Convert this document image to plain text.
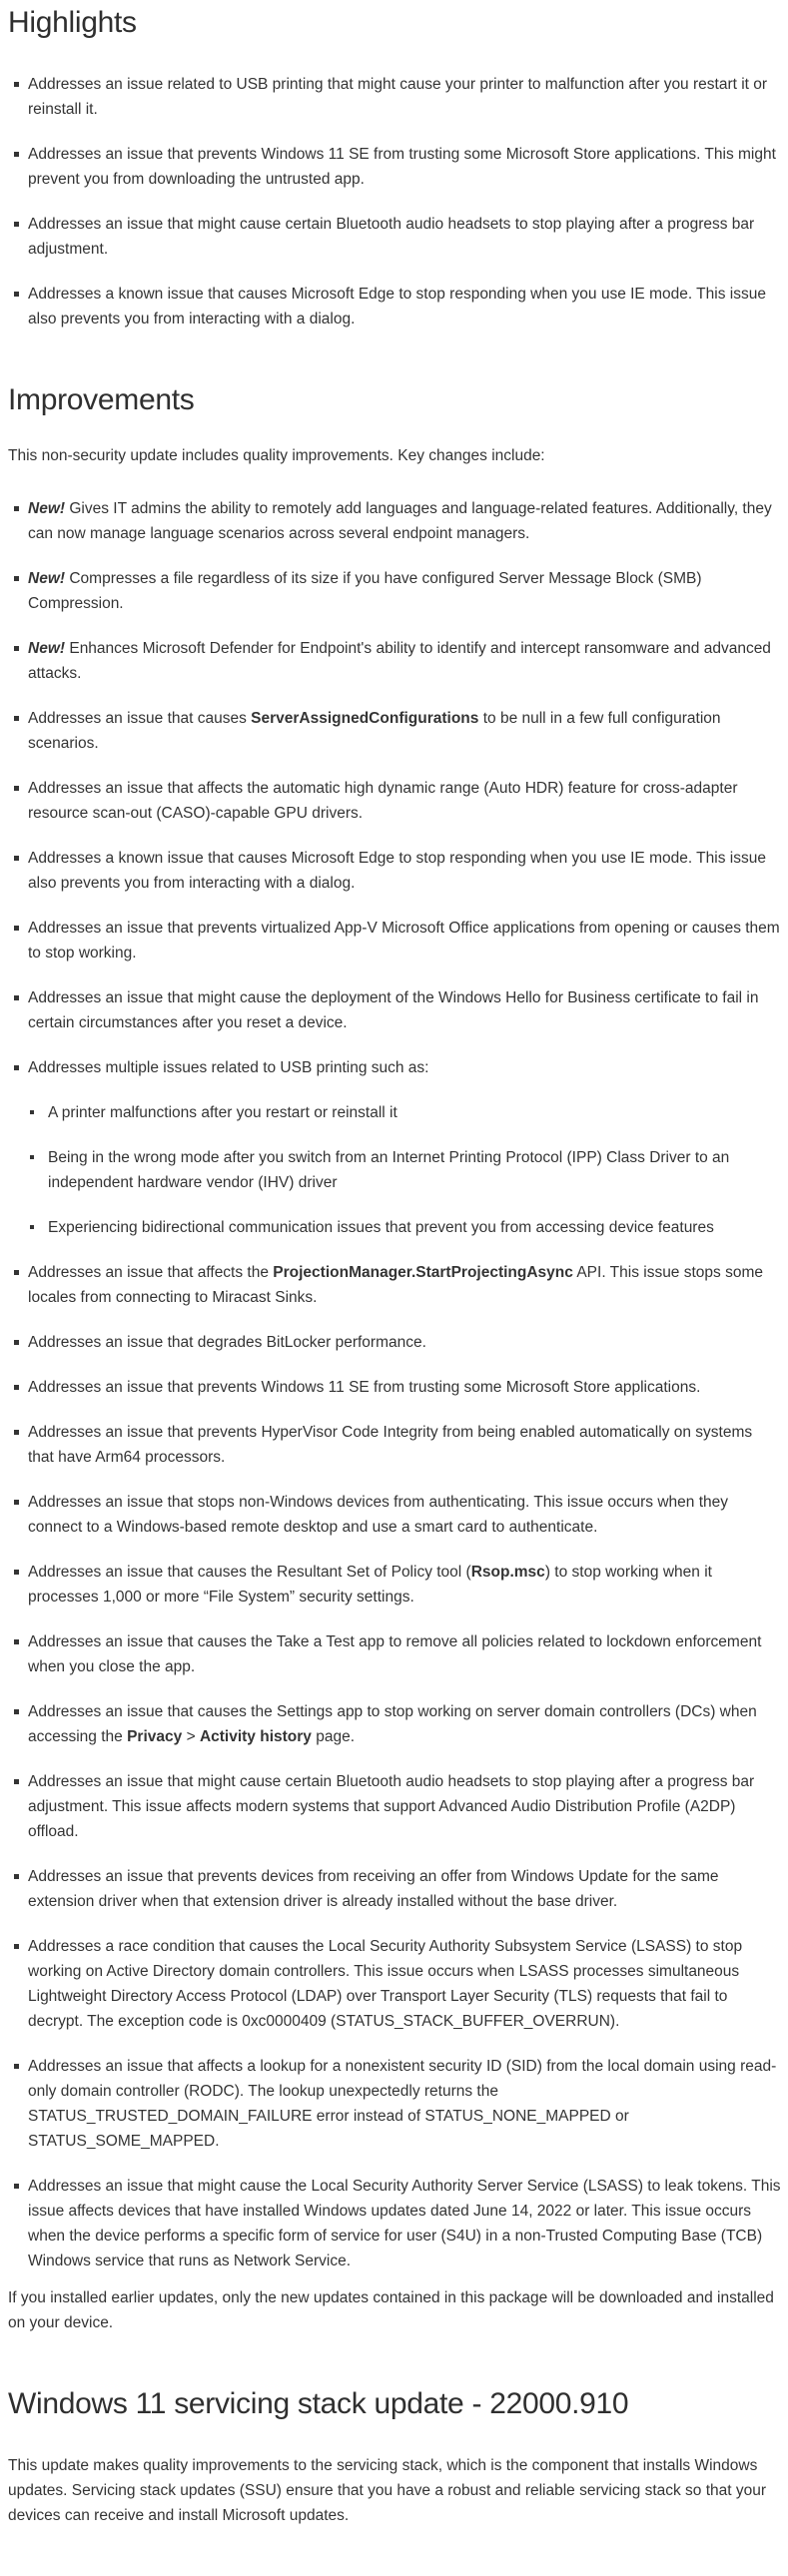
Highlights
Addresses an issue related to USB printing that might cause your printer to malfunction after you restart it or reinstall it.
Addresses an issue that prevents Windows 11 SE from trusting some Microsoft Store applications. This might prevent you from downloading the untrusted app.
Addresses an issue that might cause certain Bluetooth audio headsets to stop playing after a progress bar adjustment.
Addresses a known issue that causes Microsoft Edge to stop responding when you use IE mode. This issue also prevents you from interacting with a dialog.
Improvements

This non-security update includes quality improvements. Key changes include:

New! Gives IT admins the ability to remotely add languages and language-related features. Additionally, they can now manage language scenarios across several endpoint managers.
New! Compresses a file regardless of its size if you have configured Server Message Block (SMB) Compression.
New! Enhances Microsoft Defender for Endpoint's ability to identify and intercept ransomware and advanced attacks.
Addresses an issue that causes ServerAssignedConfigurations to be null in a few full configuration scenarios.
Addresses an issue that affects the automatic high dynamic range (Auto HDR) feature for cross-adapter resource scan-out (CASO)-capable GPU drivers.
Addresses a known issue that causes Microsoft Edge to stop responding when you use IE mode. This issue also prevents you from interacting with a dialog.
Addresses an issue that prevents virtualized App-V Microsoft Office applications from opening or causes them to stop working.
Addresses an issue that might cause the deployment of the Windows Hello for Business certificate to fail in certain circumstances after you reset a device.
Addresses multiple issues related to USB printing such as:
A printer malfunctions after you restart or reinstall it
Being in the wrong mode after you switch from an Internet Printing Protocol (IPP) Class Driver to an independent hardware vendor (IHV) driver
Experiencing bidirectional communication issues that prevent you from accessing device features
Addresses an issue that affects the ProjectionManager.StartProjectingAsync API. This issue stops some locales from connecting to Miracast Sinks.
Addresses an issue that degrades BitLocker performance.
Addresses an issue that prevents Windows 11 SE from trusting some Microsoft Store applications.
Addresses an issue that prevents HyperVisor Code Integrity from being enabled automatically on systems that have Arm64 processors.
Addresses an issue that stops non-Windows devices from authenticating. This issue occurs when they connect to a Windows-based remote desktop and use a smart card to authenticate.
Addresses an issue that causes the Resultant Set of Policy tool (Rsop.msc) to stop working when it processes 1,000 or more “File System” security settings.
Addresses an issue that causes the Take a Test app to remove all policies related to lockdown enforcement when you close the app.
Addresses an issue that causes the Settings app to stop working on server domain controllers (DCs) when accessing the Privacy > Activity history page.
Addresses an issue that might cause certain Bluetooth audio headsets to stop playing after a progress bar adjustment. This issue affects modern systems that support Advanced Audio Distribution Profile (A2DP) offload.
Addresses an issue that prevents devices from receiving an offer from Windows Update for the same extension driver when that extension driver is already installed without the base driver.
Addresses a race condition that causes the Local Security Authority Subsystem Service (LSASS) to stop working on Active Directory domain controllers. This issue occurs when LSASS processes simultaneous Lightweight Directory Access Protocol (LDAP) over Transport Layer Security (TLS) requests that fail to decrypt. The exception code is 0xc0000409 (STATUS_STACK_BUFFER_OVERRUN).
Addresses an issue that affects a lookup for a nonexistent security ID (SID) from the local domain using read-only domain controller (RODC). The lookup unexpectedly returns the STATUS_TRUSTED_DOMAIN_FAILURE error instead of STATUS_NONE_MAPPED or STATUS_SOME_MAPPED.
Addresses an issue that might cause the Local Security Authority Server Service (LSASS) to leak tokens. This issue affects devices that have installed Windows updates dated June 14, 2022 or later. This issue occurs when the device performs a specific form of service for user (S4U) in a non-Trusted Computing Base (TCB) Windows service that runs as Network Service.

If you installed earlier updates, only the new updates contained in this package will be downloaded and installed on your device.

Windows 11 servicing stack update - 22000.910

This update makes quality improvements to the servicing stack, which is the component that installs Windows updates. Servicing stack updates (SSU) ensure that you have a robust and reliable servicing stack so that your devices can receive and install Microsoft updates.
